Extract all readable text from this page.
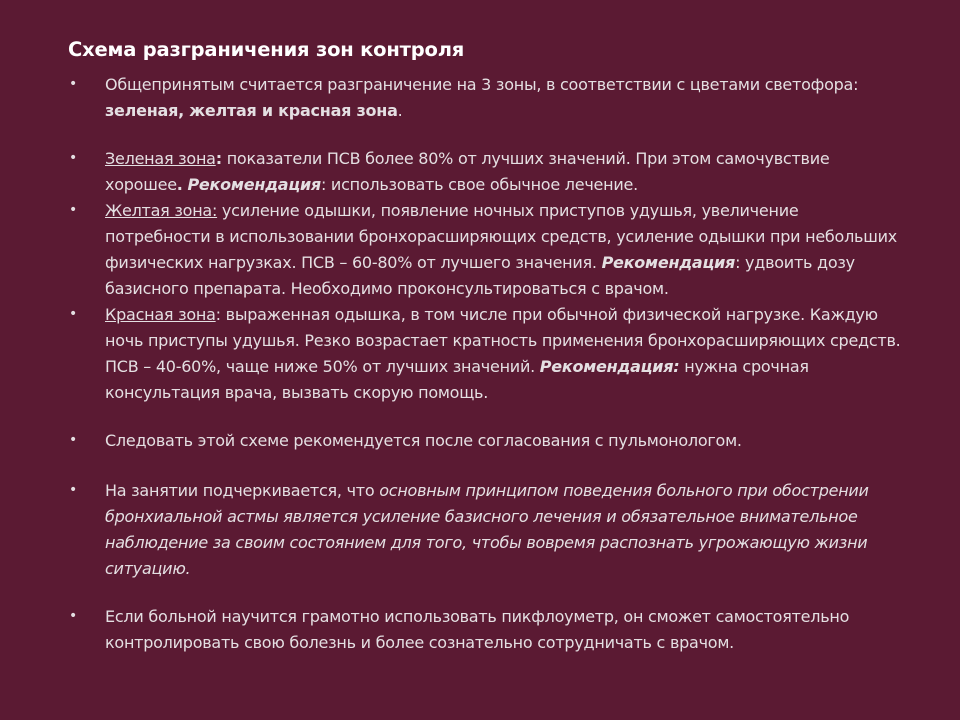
Схема разграничения зон контроля
• Общепринятым считается разграничение на 3 зоны, в соответствии с цветами светофора: зеленая, желтая и красная зона.
• Зеленая зона: показатели ПСВ более 80% от лучших значений. При этом самочувствие хорошее. Рекомендация: использовать свое обычное лечение.
• Желтая зона: усиление одышки, появление ночных приступов удушья, увеличение потребности в использовании бронхорасширяющих средств, усиление одышки при небольших физических нагрузках. ПСВ – 60-80% от лучшего значения. Рекомендация: удвоить дозу базисного препарата. Необходимо проконсультироваться с врачом.
• Красная зона: выраженная одышка, в том числе при обычной физической нагрузке. Каждую ночь приступы удушья. Резко возрастает кратность применения бронхорасширяющих средств. ПСВ – 40-60%, чаще ниже 50% от лучших значений. Рекомендация: нужна срочная консультация врача, вызвать скорую помощь.
• Следовать этой схеме рекомендуется после согласования с пульмонологом.
• На занятии подчеркивается, что основным принципом поведения больного при обострении бронхиальной астмы является усиление базисного лечения и обязательное внимательное наблюдение за своим состоянием для того, чтобы вовремя распознать угрожающую жизни ситуацию.
• Если больной научится грамотно использовать пикфлоуметр, он сможет самостоятельно контролировать свою болезнь и более сознательно сотрудничать с врачом.
